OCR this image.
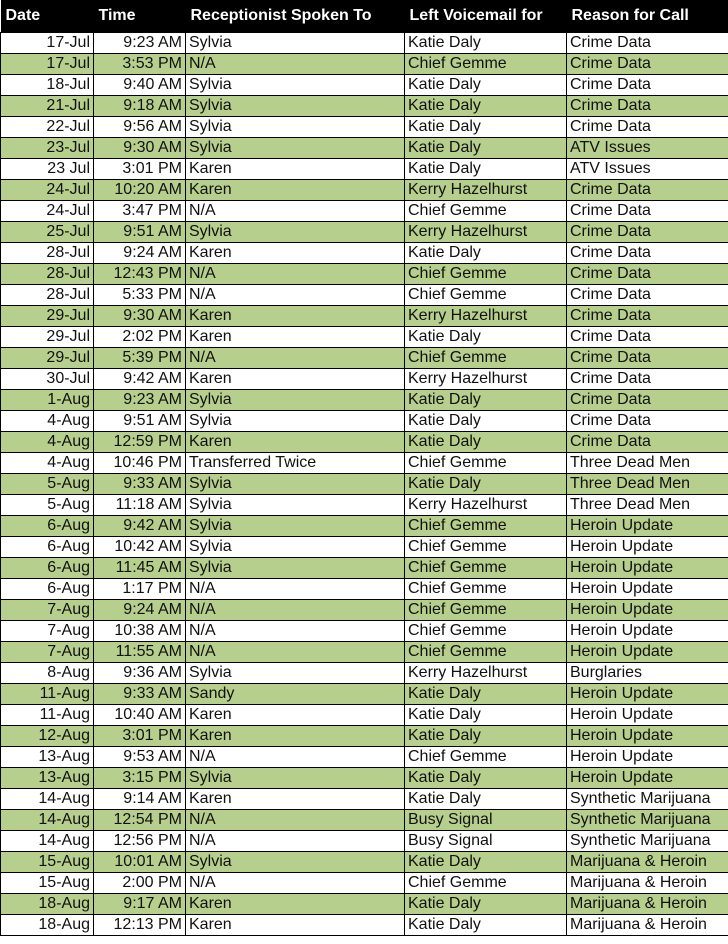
Date	Time	Receptionist Spoken To	Left Voicemail for	Reason for Call
17-Jul	9:23 AM	Sylvia	Katie Daly	Crime Data
17-Jul	3:53 PM	N/A	Chief Gemme	Crime Data
18-Jul	9:40 AM	Sylvia	Katie Daly	Crime Data
21-Jul	9:18 AM	Sylvia	Katie Daly	Crime Data
22-Jul	9:56 AM	Sylvia	Katie Daly	Crime Data
23-Jul	9:30 AM	Sylvia	Katie Daly	ATV Issues
23 Jul	3:01 PM	Karen	Katie Daly	ATV Issues
24-Jul	10:20 AM	Karen	Kerry Hazelhurst	Crime Data
24-Jul	3:47 PM	N/A	Chief Gemme	Crime Data
25-Jul	9:51 AM	Sylvia	Kerry Hazelhurst	Crime Data
28-Jul	9:24 AM	Karen	Katie Daly	Crime Data
28-Jul	12:43 PM	N/A	Chief Gemme	Crime Data
28-Jul	5:33 PM	N/A	Chief Gemme	Crime Data
29-Jul	9:30 AM	Karen	Kerry Hazelhurst	Crime Data
29-Jul	2:02 PM	Karen	Katie Daly	Crime Data
29-Jul	5:39 PM	N/A	Chief Gemme	Crime Data
30-Jul	9:42 AM	Karen	Kerry Hazelhurst	Crime Data
1-Aug	9:23 AM	Sylvia	Katie Daly	Crime Data
4-Aug	9:51 AM	Sylvia	Katie Daly	Crime Data
4-Aug	12:59 PM	Karen	Katie Daly	Crime Data
4-Aug	10:46 PM	Transferred Twice	Chief Gemme	Three Dead Men
5-Aug	9:33 AM	Sylvia	Katie Daly	Three Dead Men
5-Aug	11:18 AM	Sylvia	Kerry Hazelhurst	Three Dead Men
6-Aug	9:42 AM	Sylvia	Chief Gemme	Heroin Update
6-Aug	10:42 AM	Sylvia	Chief Gemme	Heroin Update
6-Aug	11:45 AM	Sylvia	Chief Gemme	Heroin Update
6-Aug	1:17 PM	N/A	Chief Gemme	Heroin Update
7-Aug	9:24 AM	N/A	Chief Gemme	Heroin Update
7-Aug	10:38 AM	N/A	Chief Gemme	Heroin Update
7-Aug	11:55 AM	N/A	Chief Gemme	Heroin Update
8-Aug	9:36 AM	Sylvia	Kerry Hazelhurst	Burglaries
11-Aug	9:33 AM	Sandy	Katie Daly	Heroin Update
11-Aug	10:40 AM	Karen	Katie Daly	Heroin Update
12-Aug	3:01 PM	Karen	Katie Daly	Heroin Update
13-Aug	9:53 AM	N/A	Chief Gemme	Heroin Update
13-Aug	3:15 PM	Sylvia	Katie Daly	Heroin Update
14-Aug	9:14 AM	Karen	Katie Daly	Synthetic Marijuana
14-Aug	12:54 PM	N/A	Busy Signal	Synthetic Marijuana
14-Aug	12:56 PM	N/A	Busy Signal	Synthetic Marijuana
15-Aug	10:01 AM	Sylvia	Katie Daly	Marijuana & Heroin
15-Aug	2:00 PM	N/A	Chief Gemme	Marijuana & Heroin
18-Aug	9:17 AM	Karen	Katie Daly	Marijuana & Heroin
18-Aug	12:13 PM	Karen	Katie Daly	Marijuana & Heroin
